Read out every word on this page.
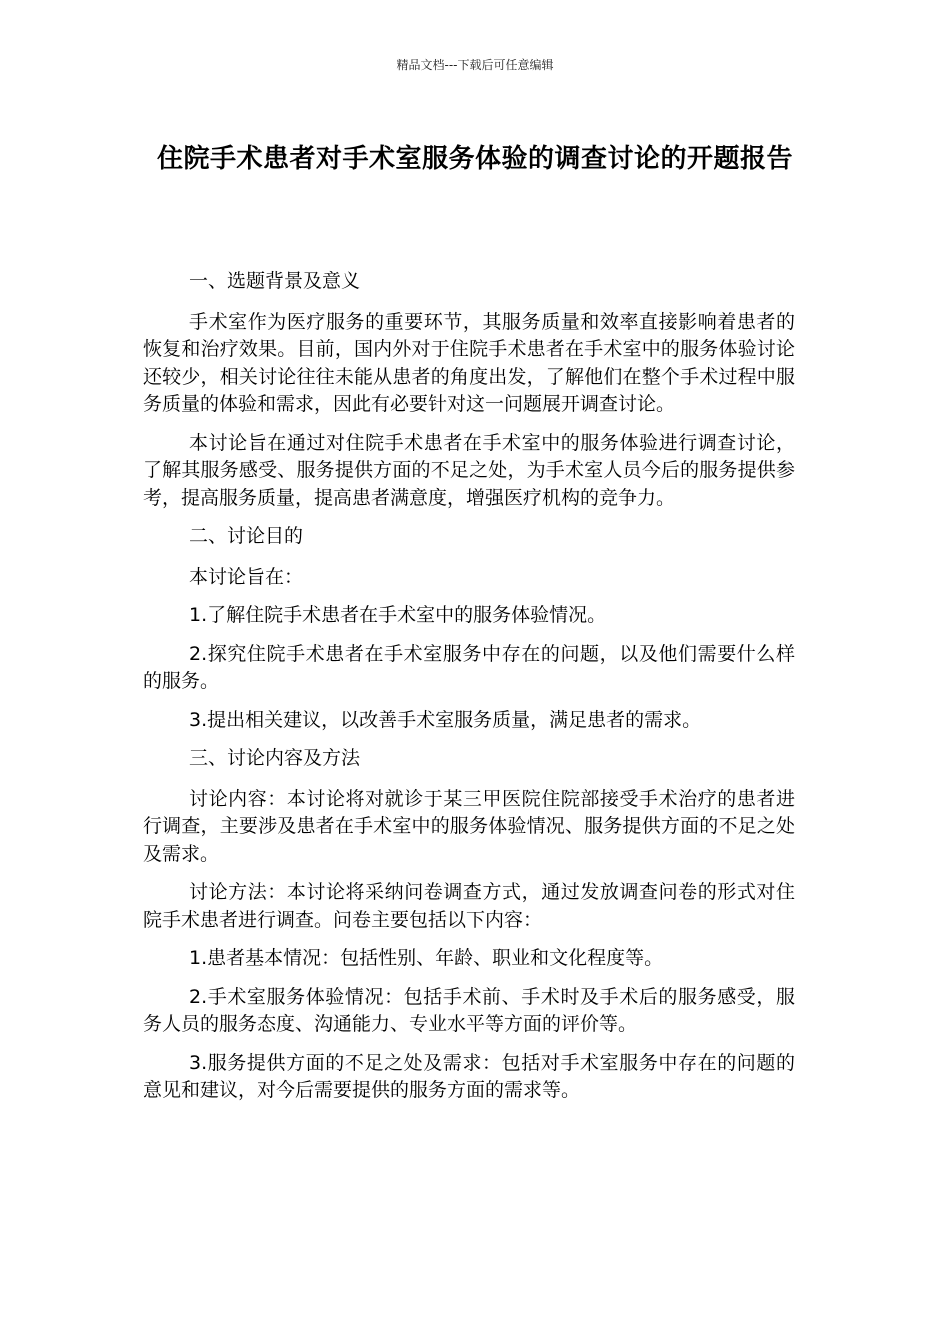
精品文档---下载后可任意编辑
住院手术患者对手术室服务体验的调查讨论的开题报告

一、选题背景及意义

手术室作为医疗服务的重要环节，其服务质量和效率直接影响着患者的恢复和治疗效果。目前，国内外对于住院手术患者在手术室中的服务体验讨论还较少，相关讨论往往未能从患者的角度出发，了解他们在整个手术过程中服务质量的体验和需求，因此有必要针对这一问题展开调查讨论。

本讨论旨在通过对住院手术患者在手术室中的服务体验进行调查讨论，了解其服务感受、服务提供方面的不足之处，为手术室人员今后的服务提供参考，提高服务质量，提高患者满意度，增强医疗机构的竞争力。

二、讨论目的

本讨论旨在：

1.了解住院手术患者在手术室中的服务体验情况。

2.探究住院手术患者在手术室服务中存在的问题，以及他们需要什么样的服务。

3.提出相关建议，以改善手术室服务质量，满足患者的需求。

三、讨论内容及方法

讨论内容：本讨论将对就诊于某三甲医院住院部接受手术治疗的患者进行调查，主要涉及患者在手术室中的服务体验情况、服务提供方面的不足之处及需求。

讨论方法：本讨论将采纳问卷调查方式，通过发放调查问卷的形式对住院手术患者进行调查。问卷主要包括以下内容：

1.患者基本情况：包括性别、年龄、职业和文化程度等。

2.手术室服务体验情况：包括手术前、手术时及手术后的服务感受，服务人员的服务态度、沟通能力、专业水平等方面的评价等。

3.服务提供方面的不足之处及需求：包括对手术室服务中存在的问题的意见和建议，对今后需要提供的服务方面的需求等。
